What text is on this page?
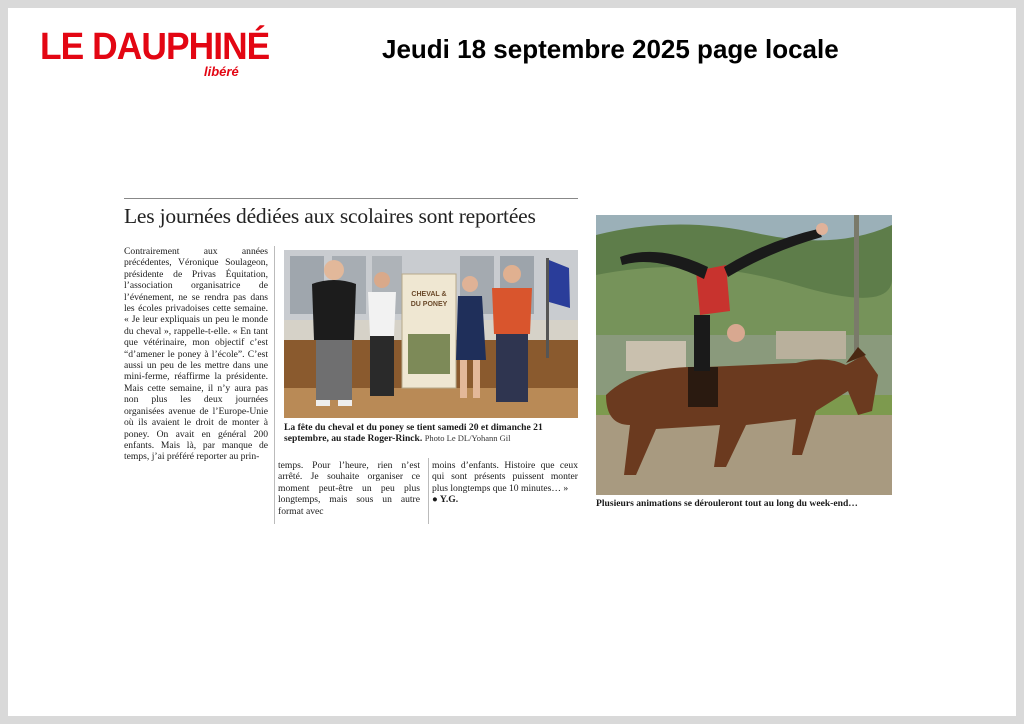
LE DAUPHINÉ
libéré
Jeudi 18 septembre 2025 page locale
Les journées dédiées aux scolaires sont reportées

Contrairement aux années précédentes, Véronique Soulageon, présidente de Privas Équitation, l’association organisatrice de l’événement, ne se rendra pas dans les écoles privadoises cette semaine. « Je leur expliquais un peu le monde du cheval », rappelle-t-elle. « En tant que vétérinaire, mon objectif c’est “d’amener le poney à l’école”. C’est aussi un peu de les mettre dans une mini-ferme, réaffirme la présidente. Mais cette semaine, il n’y aura pas non plus les deux journées organisées avenue de l’Europe-Unie où ils avaient le droit de monter à poney. On avait en général 200 enfants. Mais là, par manque de temps, j’ai préféré reporter au prin-

CHEVAL &
DU PONEY
La fête du cheval et du poney se tient samedi 20 et dimanche 21 septembre, au stade Roger-Rinck. Photo Le DL/Yohann Gil

temps. Pour l’heure, rien n’est arrêté. Je souhaite organiser ce moment peut-être un peu plus longtemps, mais sous un autre format avec

moins d’enfants. Histoire que ceux qui sont présents puissent monter plus longtemps que 10 minutes… »

● Y.G.	Plusieurs animations se dérouleront tout au long du week-end…
